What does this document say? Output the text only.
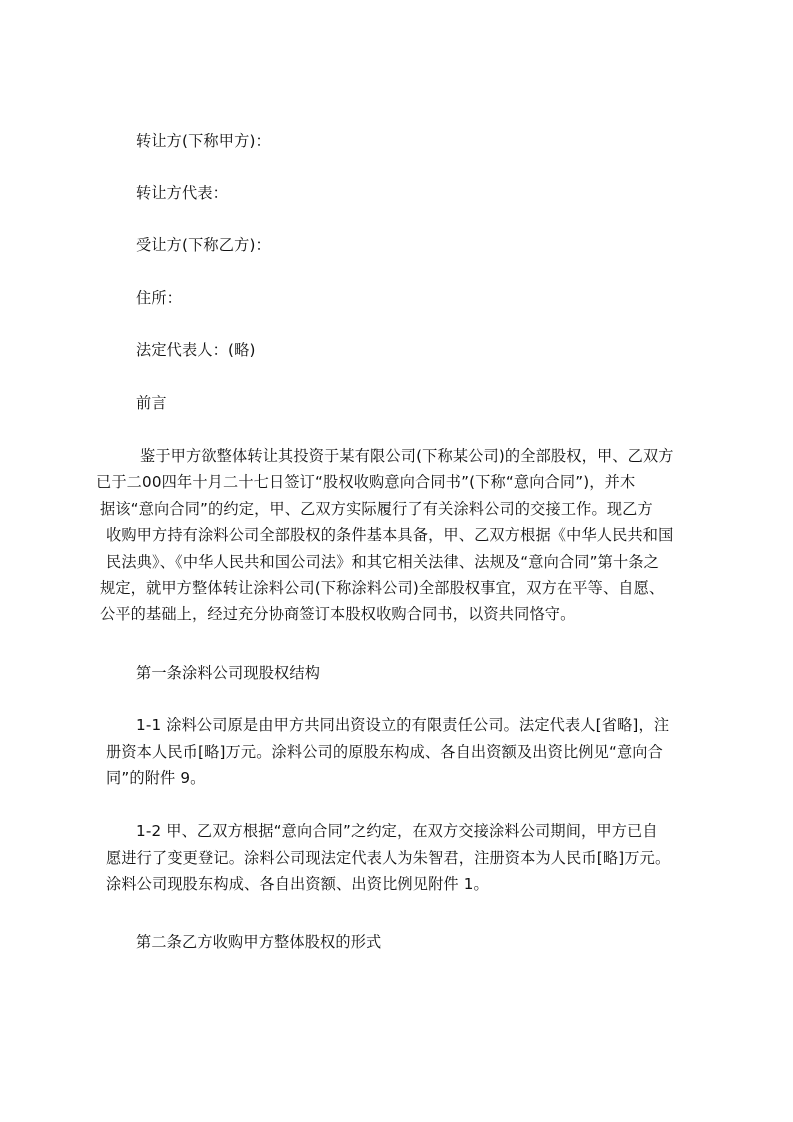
转让方(下称甲方)：
转让方代表：
受让方(下称乙方)：
住所：
法定代表人：(略)
前言
鉴于甲方欲整体转让其投资于某有限公司(下称某公司)的全部股权，甲、乙双方
已于二00四年十月二十七日签订“股权收购意向合同书”(下称“意向合同”)，并木
据该“意向合同”的约定，甲、乙双方实际履行了有关涂料公司的交接工作。现乙方
收购甲方持有涂料公司全部股权的条件基本具备，甲、乙双方根据《中华人民共和国
民法典》、《中华人民共和国公司法》和其它相关法律、法规及“意向合同”第十条之
规定，就甲方整体转让涂料公司(下称涂料公司)全部股权事宜，双方在平等、自愿、
公平的基础上，经过充分协商签订本股权收购合同书，以资共同恪守。
第一条涂料公司现股权结构
1-1 涂料公司原是由甲方共同出资设立的有限责任公司。法定代表人[省略]，注
册资本人民币[略]万元。涂料公司的原股东构成、各自出资额及出资比例见“意向合
同”的附件 9。
1-2 甲、乙双方根据“意向合同”之约定，在双方交接涂料公司期间，甲方已自
愿进行了变更登记。涂料公司现法定代表人为朱智君，注册资本为人民币[略]万元。
涂料公司现股东构成、各自出资额、出资比例见附件 1。
第二条乙方收购甲方整体股权的形式
